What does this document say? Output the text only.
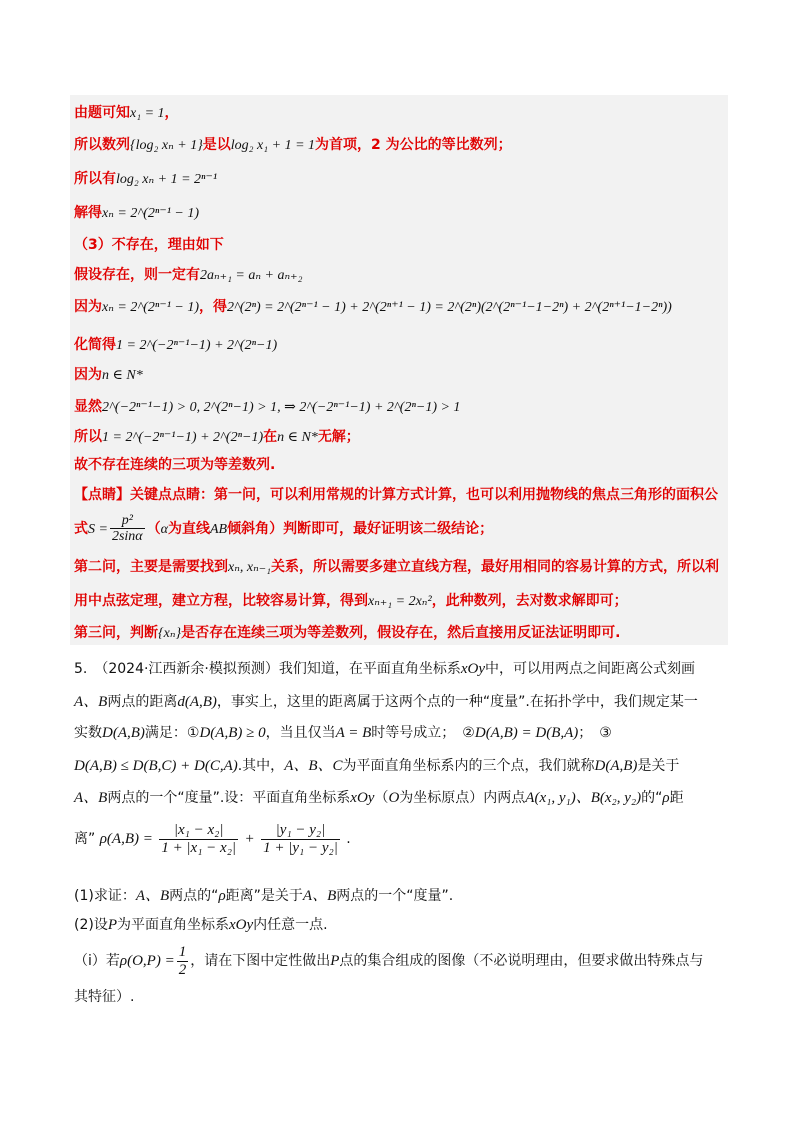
由题可知x₁ = 1，
所以数列{log₂ xₙ + 1}是以log₂ x₁ + 1 = 1为首项，2 为公比的等比数列；
所以有log₂ xₙ + 1 = 2ⁿ⁻¹
解得xₙ = 2^(2ⁿ⁻¹ − 1)
（3）不存在，理由如下
假设存在，则一定有2aₙ₊₁ = aₙ + aₙ₊₂
因为xₙ = 2^(2ⁿ⁻¹ − 1)，得2^(2ⁿ) = 2^(2ⁿ⁻¹ − 1) + 2^(2ⁿ⁺¹ − 1) = 2^(2ⁿ)(2^(2ⁿ⁻¹−1−2ⁿ) + 2^(2ⁿ⁺¹−1−2ⁿ))
化简得1 = 2^(−2ⁿ⁻¹−1) + 2^(2ⁿ−1)
因为n ∈ N*
显然2^(−2ⁿ⁻¹−1) > 0, 2^(2ⁿ−1) > 1, ⇒ 2^(−2ⁿ⁻¹−1) + 2^(2ⁿ−1) > 1
所以1 = 2^(−2ⁿ⁻¹−1) + 2^(2ⁿ−1)在n ∈ N*无解；
故不存在连续的三项为等差数列.
【点睛】关键点点睛：第一问，可以利用常规的计算方式计算，也可以利用抛物线的焦点三角形的面积公
式$S = \frac{\text{p²}}{2\sin\alpha} (\alpha$为直线AB倾斜角）判断即可，最好证明该二级结论；
第二问，主要是需要找到xₙ, xₙ₋₁关系，所以需要多建立直线方程，最好用相同的容易计算的方式，所以利
用中点弦定理，建立方程，比较容易计算，得到xₙ₊₁ = 2xₙ²，此种数列，去对数求解即可；
第三问，判断{xₙ}是否存在连续三项为等差数列，假设存在，然后直接用反证法证明即可.
5.　（2024·江西新余·模拟预测）我们知道，在平面直角坐标系xOy中，可以用两点之间距离公式刻画
A、B两点的距离d(A,B)，事实上，这里的距离属于这两个点的一种“度量”.在拓扑学中，我们规定某一
实数D(A,B)满足：①D(A,B) ≥ 0，当且仅当A = B时等号成立；　②D(A,B) = D(B,A)；　③
D(A,B) ≤ D(B,C) + D(C,A).其中，A、B、C为平面直角坐标系内的三个点，我们就称D(A,B)是关于
A、B两点的一个“度量”.设：平面直角坐标系xOy（O为坐标原点）内两点A(x₁, y₁)、B(x₂, y₂)的“ρ距
离” $\rho(A,B) = \frac{\text{|x₁ − x₂|}}{\text{1 + |x₁ − x₂|}} + \frac{\text{|y₁ − y₂|}}{\text{1 + |y₁ − y₂|}}$ .
(1)求证：A、B两点的“ρ距离”是关于A、B两点的一个“度量”.
(2)设P为平面直角坐标系xOy内任意一点.
（ⅰ）若$\rho(O,P) = \frac{1}{2}$ ，请在下图中定性做出P点的集合组成的图像（不必说明理由，但要求做出特殊点与
其特征）.
